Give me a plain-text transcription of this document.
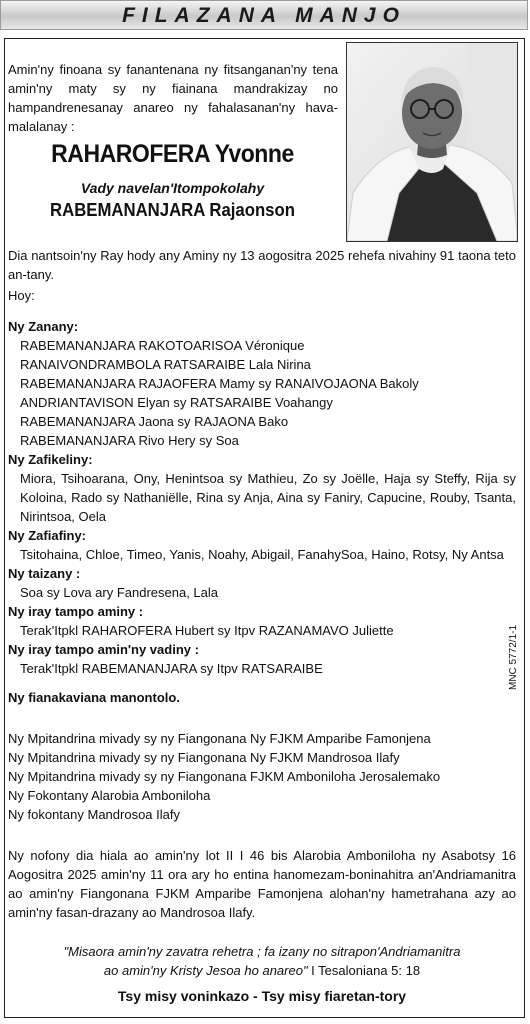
FILAZANA MANJO
Amin'ny finoana sy fanantenana ny fitsanganan'ny tena amin'ny maty sy ny fiainana mandrakizay no hampandrenesanay anareo ny fahalasanan'ny hava-malalanay :
RAHAROFERA Yvonne
Vady navelan'Itompokolahy
RABEMANANJARA Rajaonson

Dia nantsoin'ny Ray hody any Aminy ny 13 aogositra 2025 rehefa nivahiny 91 taona teto an-tany.

Hoy:

Ny Zanany:

RABEMANANJARA RAKOTOARISOA Véronique

RANAIVONDRAMBOLA RATSARAIBE Lala Nirina

RABEMANANJARA RAJAOFERA Mamy sy RANAIVOJAONA Bakoly

ANDRIANTAVISON Elyan sy RATSARAIBE Voahangy

RABEMANANJARA Jaona sy RAJAONA Bako

RABEMANANJARA Rivo Hery sy Soa

Ny Zafikeliny:

Miora, Tsihoarana, Ony, Henintsoa sy Mathieu, Zo sy Joëlle, Haja sy Steffy, Rija sy Koloina, Rado sy Nathaniëlle, Rina sy Anja, Aina sy Faniry, Capucine, Rouby, Tsanta, Nirintsoa, Oela

Ny Zafiafiny:

Tsitohaina, Chloe, Timeo, Yanis, Noahy, Abigail, FanahySoa, Haino, Rotsy, Ny Antsa

Ny taizany :

Soa sy Lova ary Fandresena, Lala

Ny iray tampo aminy :

Terak'Itpkl RAHAROFERA Hubert sy Itpv RAZANAMAVO Juliette

Ny iray tampo amin'ny vadiny :

Terak'Itpkl RABEMANANJARA sy Itpv RATSARAIBE

Ny fianakaviana manontolo.

Ny Mpitandrina mivady sy ny Fiangonana Ny FJKM Amparibe Famonjena

Ny Mpitandrina mivady sy ny Fiangonana Ny FJKM Mandrosoa Ilafy

Ny Mpitandrina mivady sy ny Fiangonana FJKM Amboniloha Jerosalemako

Ny Fokontany Alarobia Amboniloha

Ny fokontany Mandrosoa Ilafy

Ny nofony dia hiala ao amin'ny lot II I 46 bis Alarobia Amboniloha ny Asabotsy 16 Aogositra 2025 amin'ny 11 ora ary ho entina hanomezam-boninahitra an'Andriamanitra ao amin'ny Fiangonana FJKM Amparibe Famonjena alohan'ny hametrahana azy ao amin'ny fasan-drazany ao Mandrosoa Ilafy.

MNC 5772/1-1
"Misaora amin'ny zavatra rehetra ; fa izany no sitrapon'Andriamanitra
ao amin'ny Kristy Jesoa ho anareo" I Tesaloniana 5: 18
Tsy misy voninkazo - Tsy misy fiaretan-tory
